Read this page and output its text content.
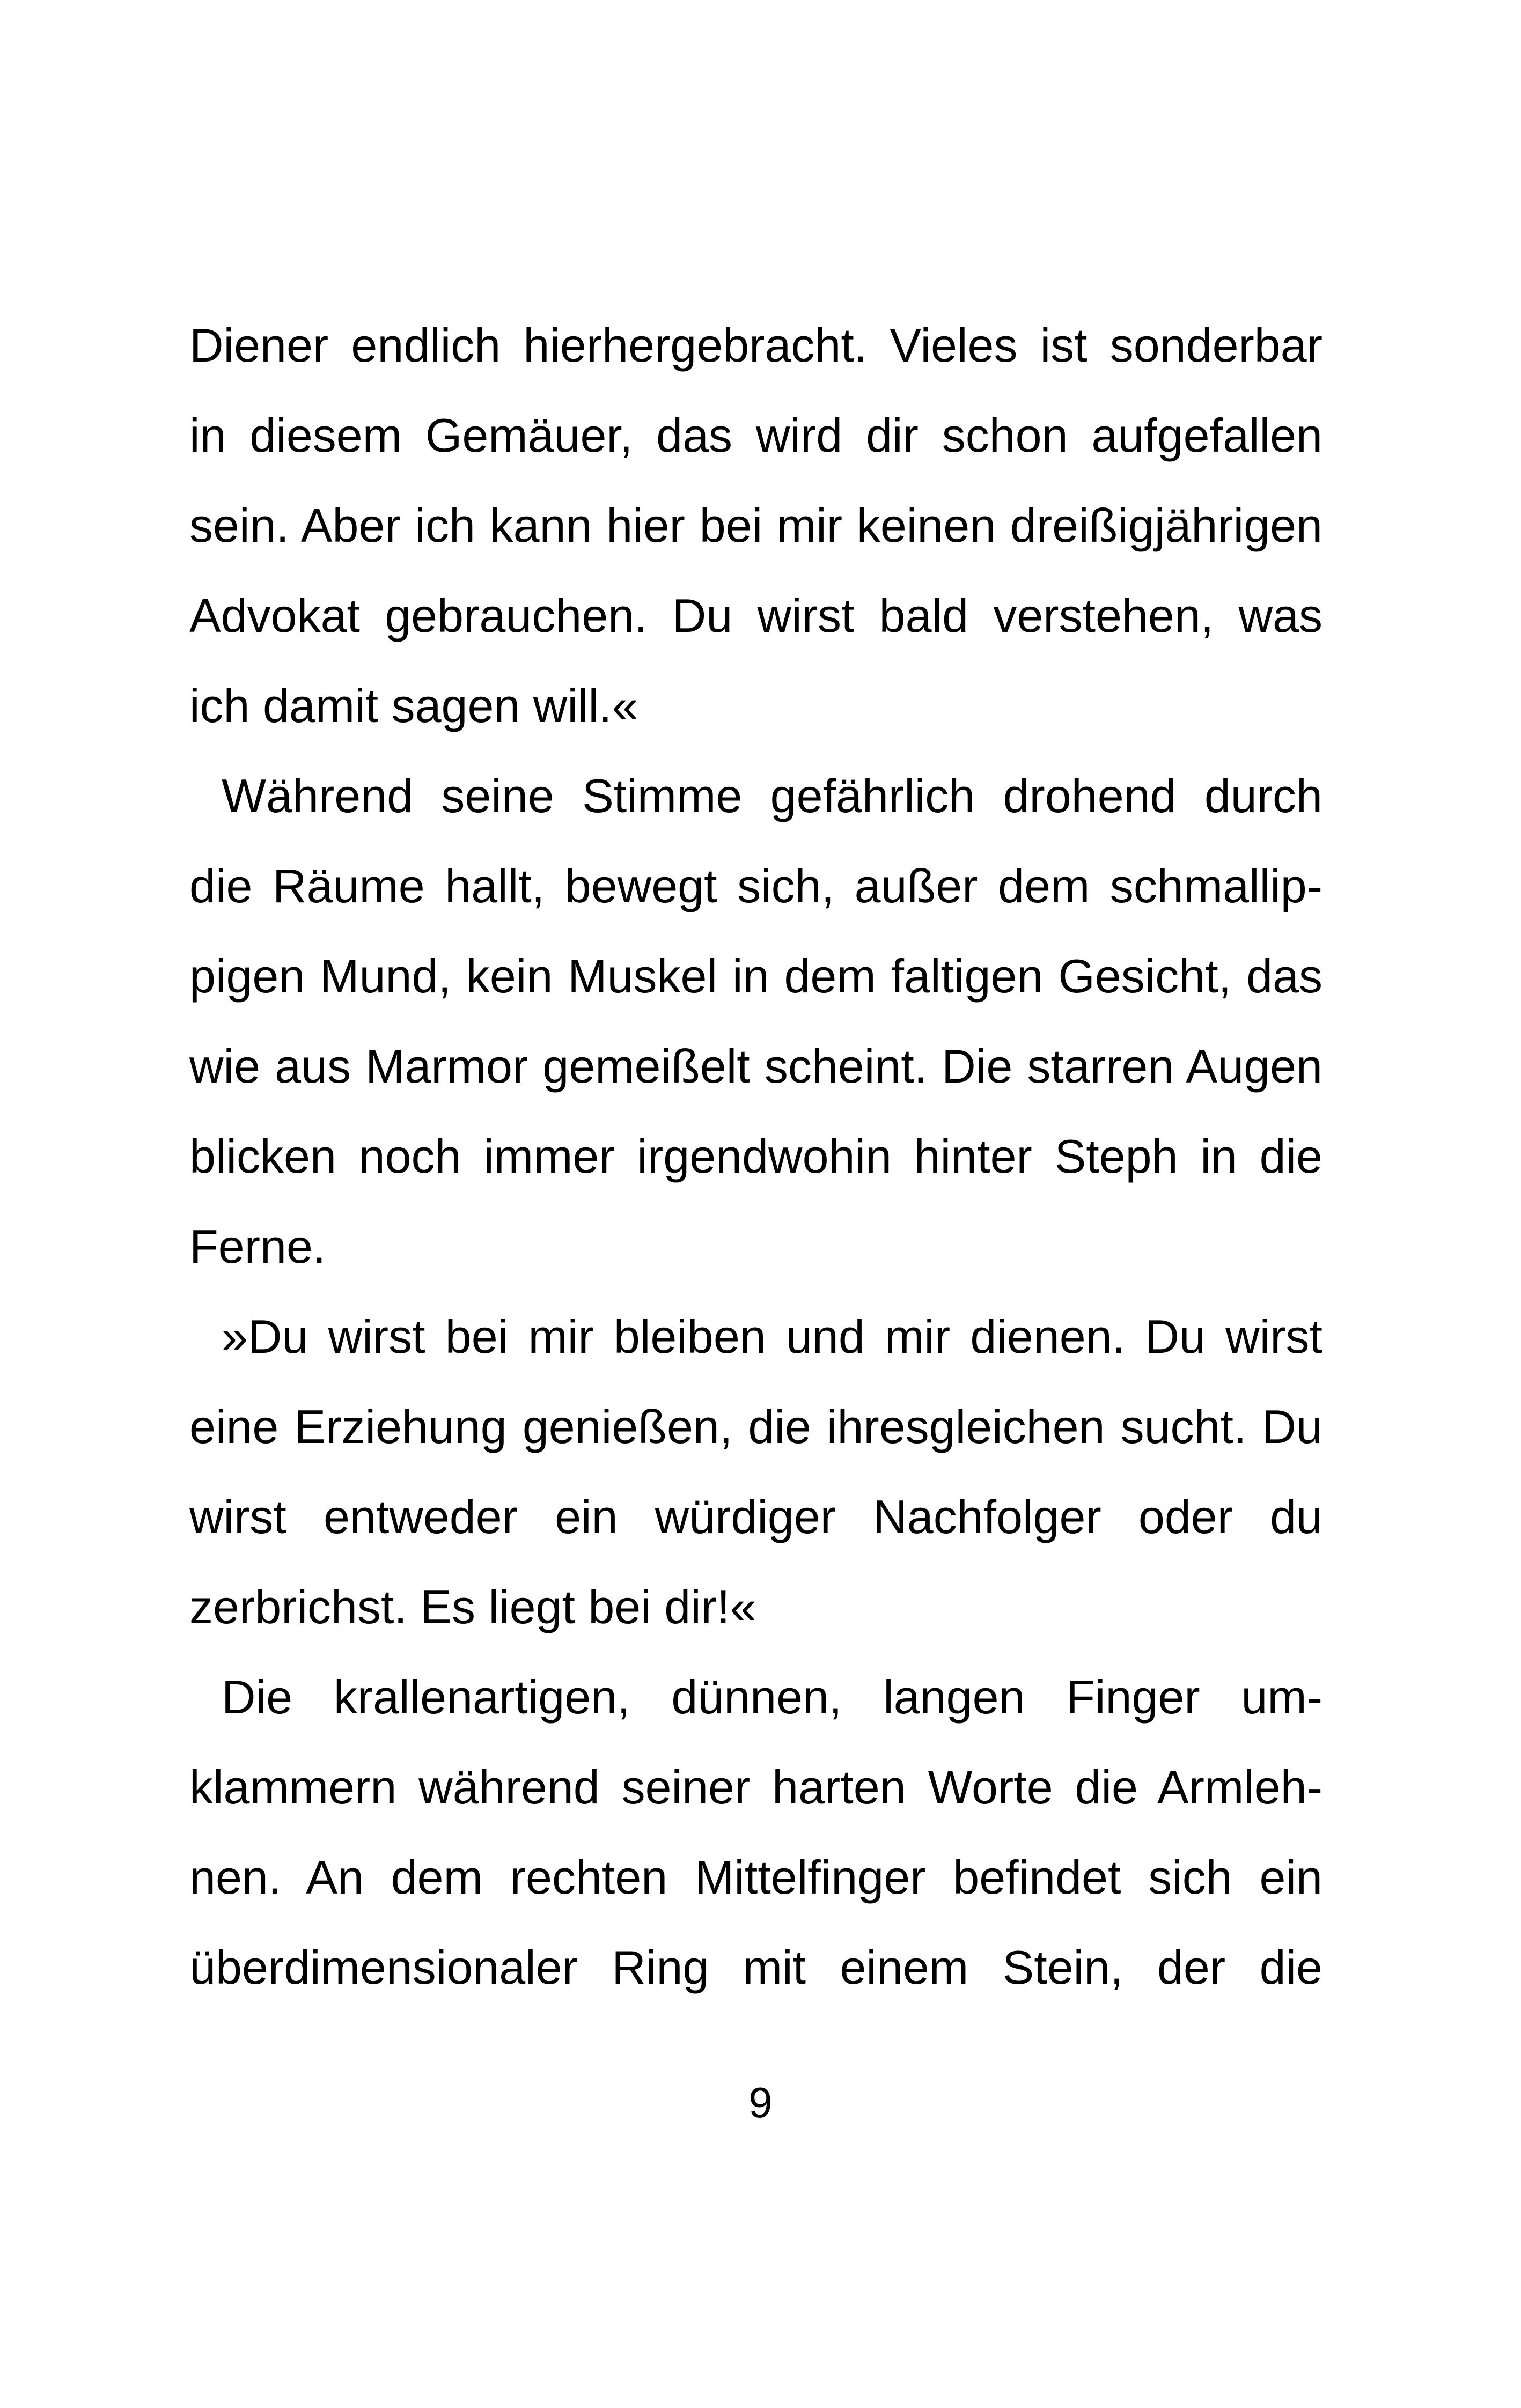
Diener endlich hierhergebracht. Vieles ist sonderbar in diesem Gemäuer, das wird dir schon aufgefallen sein. Aber ich kann hier bei mir keinen dreißigjährigen Advokat gebrauchen. Du wirst bald verstehen, was ich damit sagen will.«

Während seine Stimme gefährlich drohend durch die Räume hallt, bewegt sich, außer dem schmallippigen Mund, kein Muskel in dem faltigen Gesicht, das wie aus Marmor gemeißelt scheint. Die starren Augen blicken noch immer irgendwohin hinter Steph in die Ferne.

»Du wirst bei mir bleiben und mir dienen. Du wirst eine Erziehung genießen, die ihresgleichen sucht. Du wirst entweder ein würdiger Nachfolger oder du zerbrichst. Es liegt bei dir!«

Die krallenartigen, dünnen, langen Finger umklammern während seiner harten Worte die Armlehnen. An dem rechten Mittelfinger befindet sich ein überdimensionaler Ring mit einem Stein, der die

9
